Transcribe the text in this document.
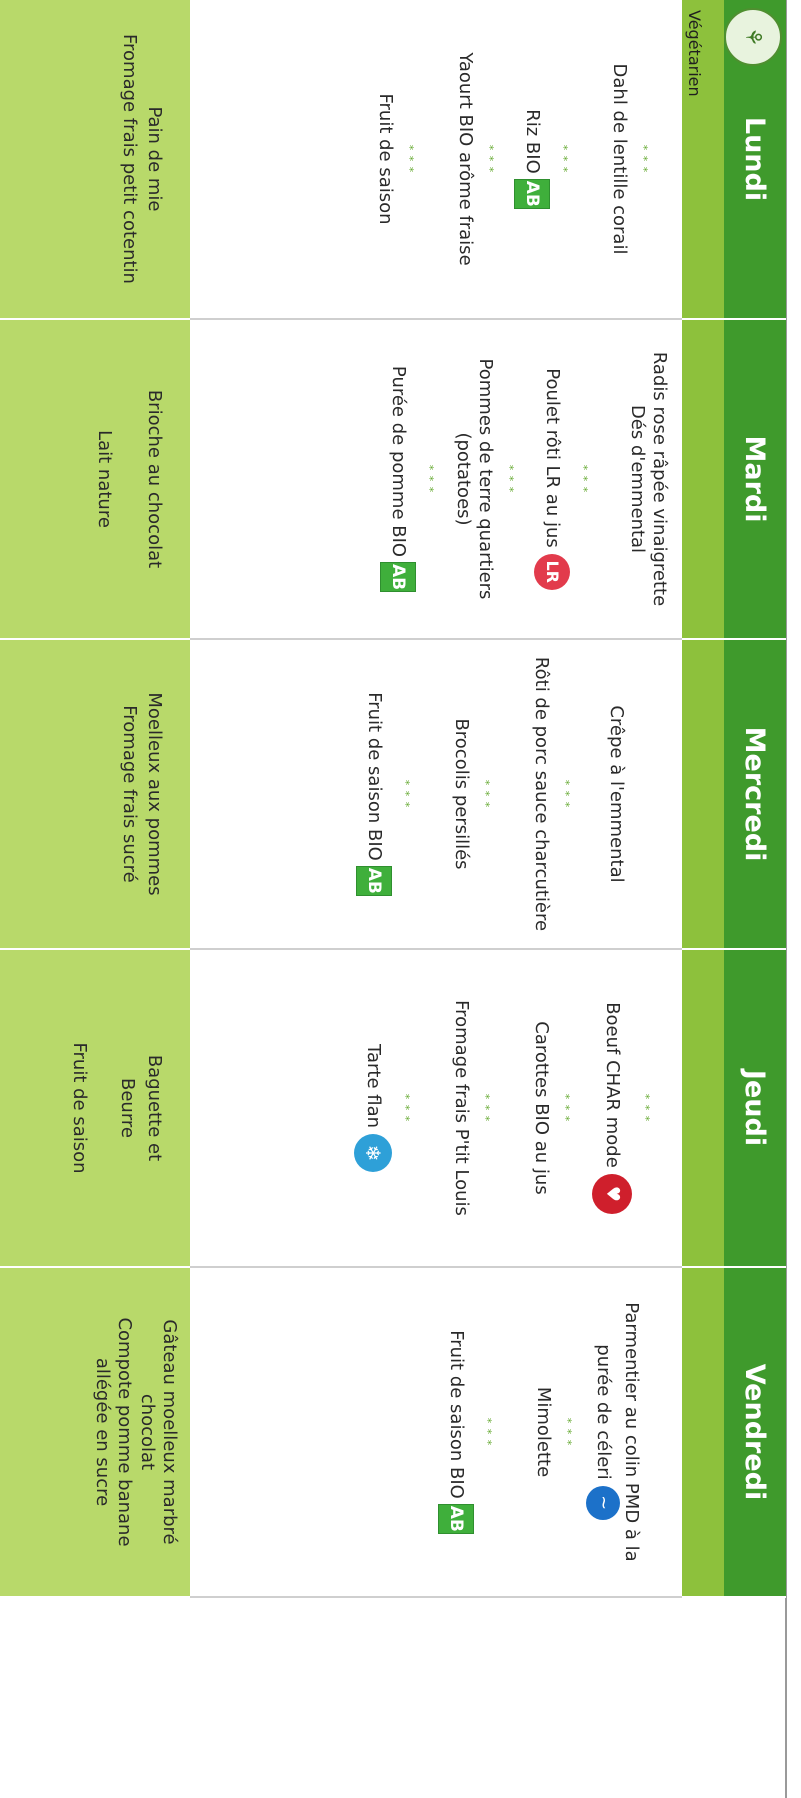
Lundi
⚘
Végétarien
Dahl de lentille corail
Riz BIOAB
Yaourt BIO arôme fraise
Fruit de saison	* * *
* * *
* * *
* * *
Pain de mie
Fromage frais petit cotentin
Mardi
Radis rose râpée vinaigrette
Dés d'emmental
Poulet rôti LR au jusLR
Pommes de terre quartiers (potatoes)
Purée de pomme BIOAB
* * *
* * *
* * *
Brioche au chocolat
Lait nature
Mercredi
Crêpe à l'emmental
Rôti de porc sauce charcutière
Brocolis persillés
Fruit de saison BIOAB
* * *
* * *
* * *
Moelleux aux pommes
Fromage frais sucré
Jeudi
Boeuf CHAR mode♥
Carottes BIO au jus
Fromage frais P'tit Louis
Tarte flan❄
* * *
* * *
* * *
* * *
Baguette et
Beurre
Fruit de saison
Vendredi
Parmentier au colin PMD à la purée de céleri~
Mimolette
Fruit de saison BIOAB
* * *
* * *
Gâteau moelleux marbré chocolat
Compote pomme banane allégée en sucre
